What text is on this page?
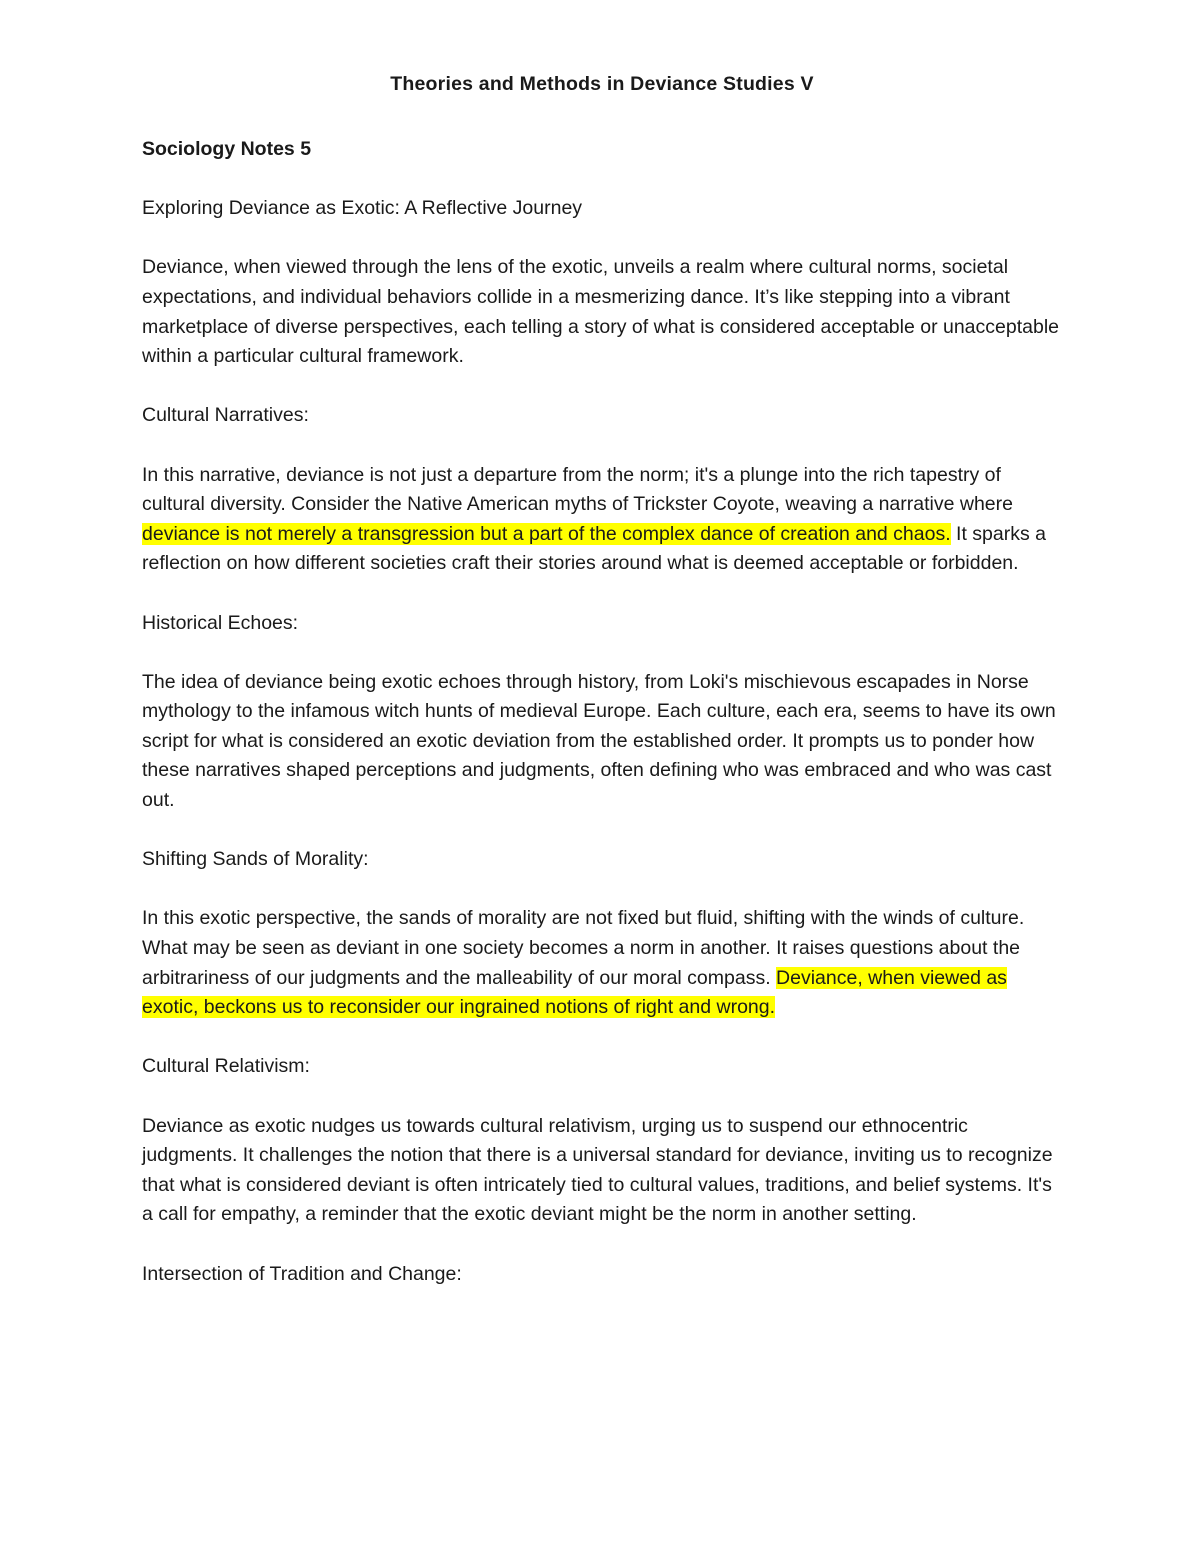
Theories and Methods in Deviance Studies V

Sociology Notes 5

Exploring Deviance as Exotic: A Reflective Journey

Deviance, when viewed through the lens of the exotic, unveils a realm where cultural norms, societal expectations, and individual behaviors collide in a mesmerizing dance. It’s like stepping into a vibrant marketplace of diverse perspectives, each telling a story of what is considered acceptable or unacceptable within a particular cultural framework.

Cultural Narratives:

In this narrative, deviance is not just a departure from the norm; it's a plunge into the rich tapestry of cultural diversity. Consider the Native American myths of Trickster Coyote, weaving a narrative where deviance is not merely a transgression but a part of the complex dance of creation and chaos. It sparks a reflection on how different societies craft their stories around what is deemed acceptable or forbidden.

Historical Echoes:

The idea of deviance being exotic echoes through history, from Loki's mischievous escapades in Norse mythology to the infamous witch hunts of medieval Europe. Each culture, each era, seems to have its own script for what is considered an exotic deviation from the established order. It prompts us to ponder how these narratives shaped perceptions and judgments, often defining who was embraced and who was cast out.

Shifting Sands of Morality:

In this exotic perspective, the sands of morality are not fixed but fluid, shifting with the winds of culture. What may be seen as deviant in one society becomes a norm in another. It raises questions about the arbitrariness of our judgments and the malleability of our moral compass. Deviance, when viewed as exotic, beckons us to reconsider our ingrained notions of right and wrong.

Cultural Relativism:

Deviance as exotic nudges us towards cultural relativism, urging us to suspend our ethnocentric judgments. It challenges the notion that there is a universal standard for deviance, inviting us to recognize that what is considered deviant is often intricately tied to cultural values, traditions, and belief systems. It's a call for empathy, a reminder that the exotic deviant might be the norm in another setting.

Intersection of Tradition and Change:
